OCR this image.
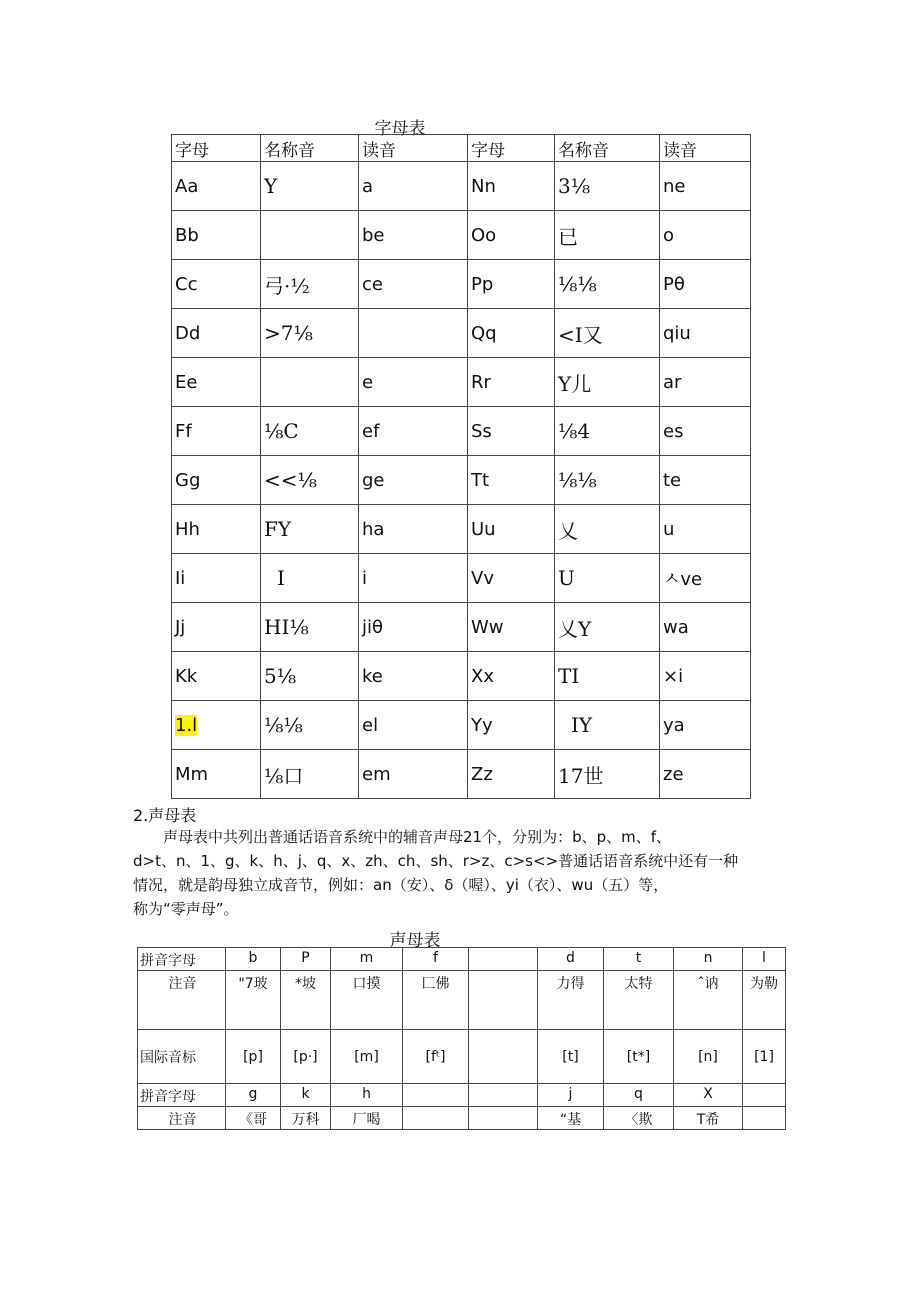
字母表
字母	名称音	读音	字母	名称音	读音
Aa	Y	a	Nn	3⅛	ne
Bb		be	Oo	已	o
Cc	弓·½	ce	Pp	⅛⅛	Pθ
Dd	>7⅛		Qq	<I又	qiu
Ee		e	Rr	Y儿	ar
Ff	⅛C	ef	Ss	⅛4	es
Gg	<<⅛	ge	Tt	⅛⅛	te
Hh	FY	ha	Uu	乂	u
Ii	I	i	Vv	U	ㅅve
Jj	HI⅛	jiθ	Ww	乂Y	wa
Kk	5⅛	ke	Xx	TI	×i
1.l	⅛⅛	el	Yy	IY	ya
Mm	⅛口	em	Zz	17世	ze
2.声母表
声母表中共列出普通话语音系统中的辅音声母21个，分别为：b、p、m、f、
d>t、n、1、g、k、h、j、q、x、zh、ch、sh、r>z、c>s<>普通话语音系统中还有一种
情况，就是韵母独立成音节，例如：an（安）、δ（喔）、yi（衣）、wu（五）等，
称为“零声母”。
声母表
拼音字母	b	P	m	f		d	t	n	l
注音	"7玻	*坡	口摸	匚佛		力得	太特	ˆ讷	为勒
国际音标	[p]	[p·]	[m]	[fᵗ]		[t]	[t*]	[n]	[1]
拼音字母	g	k	h			j	q	X	
注音	《哥	万科	厂喝			“基	〈欺	T希	
